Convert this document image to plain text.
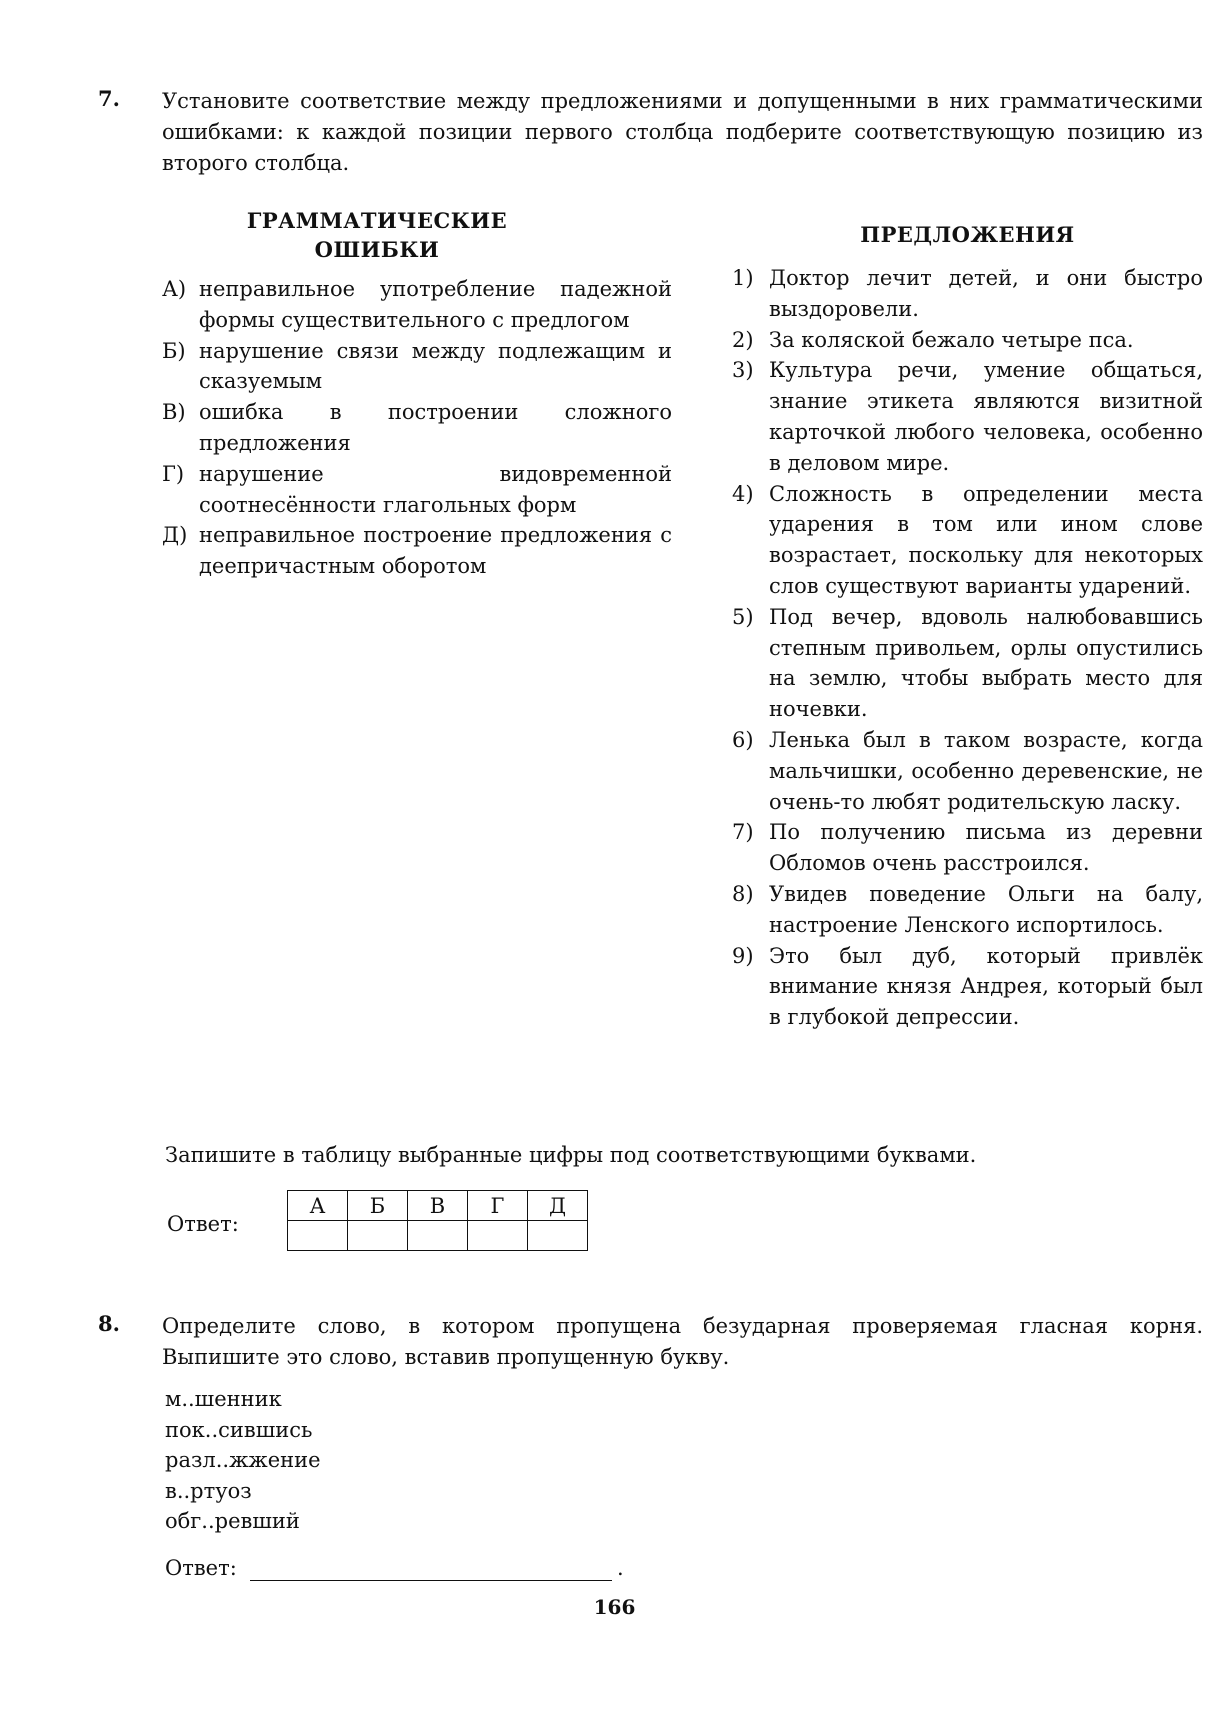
7. Установите соответствие между предложениями и допущенными в них грамматическими ошибками: к каждой позиции первого столбца подберите соответствующую позицию из второго столбца.
ГРАММАТИЧЕСКИЕ
ОШИБКИ
А) неправильное употребление падежной формы существительного с предлогом
Б) нарушение связи между подлежащим и сказуемым
В) ошибка в построении сложного предложения
Г) нарушение видовременной соотнесённости глагольных форм
Д) неправильное построение предложения с деепричастным оборотом
ПРЕДЛОЖЕНИЯ
1) Доктор лечит детей, и они быстро выздоровели.
2) За коляской бежало четыре пса.
3) Культура речи, умение общаться, знание этикета являются визитной карточкой любого человека, особенно в деловом мире.
4) Сложность в определении места ударения в том или ином слове возрастает, поскольку для некоторых слов существуют варианты ударений.
5) Под вечер, вдоволь налюбовавшись степным привольем, орлы опустились на землю, чтобы выбрать место для ночевки.
6) Ленька был в таком возрасте, когда мальчишки, особенно деревенские, не очень-то любят родительскую ласку.
7) По получению письма из деревни Обломов очень расстроился.
8) Увидев поведение Ольги на балу, настроение Ленского испортилось.
9) Это был дуб, который привлёк внимание князя Андрея, который был в глубокой депрессии.
Запишите в таблицу выбранные цифры под соответствующими буквами.
Ответ:
А	Б	В	Г	Д

8. Определите слово, в котором пропущена безударная проверяемая гласная корня. Выпишите это слово, вставив пропущенную букву.
м..шенник
пок..сившись
разл..жжение
в..ртуоз
обг..ревший
Ответ:	.
166
